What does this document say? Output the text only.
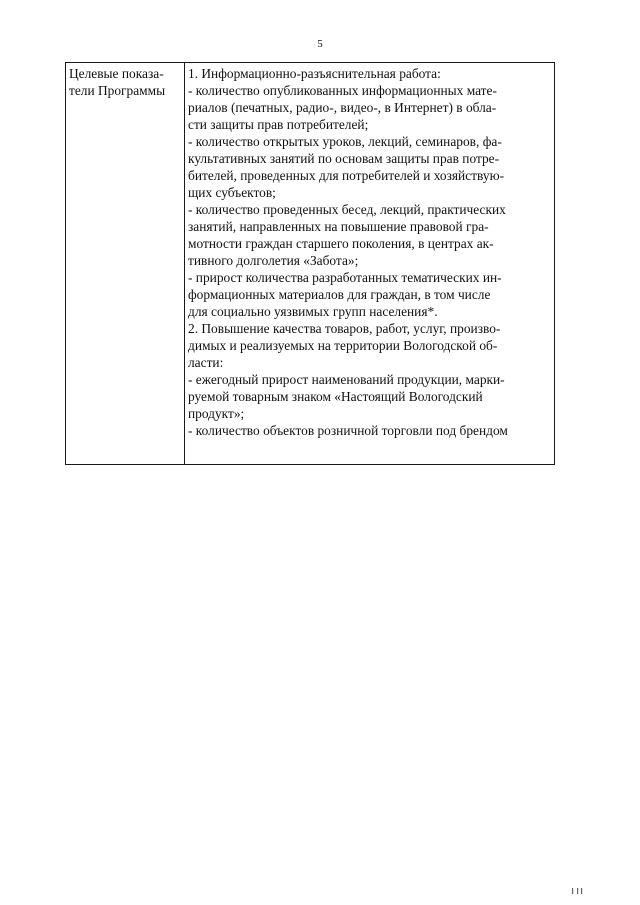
5
Целевые показа-
тели Программы

1. Информационно-разъяснительная работа:
- количество опубликованных информационных мате-
риалов (печатных, радио-, видео-, в Интернет) в обла-
сти защиты прав потребителей;
- количество открытых уроков, лекций, семинаров, фа-
культативных занятий по основам защиты прав потре-
бителей, проведенных для потребителей и хозяйствую-
щих субъектов;
- количество проведенных бесед, лекций, практических
занятий, направленных на повышение правовой гра-
мотности граждан старшего поколения, в центрах ак-
тивного долголетия «Забота»;
- прирост количества разработанных тематических ин-
формационных материалов для граждан, в том числе
для социально уязвимых групп населения*.
2. Повышение качества товаров, работ, услуг, произво-
димых и реализуемых на территории Вологодской об-
ласти:
- ежегодный прирост наименований продукции, марки-
руемой товарным знаком «Настоящий Вологодский
продукт»;
- количество объектов розничной торговли под брендом
